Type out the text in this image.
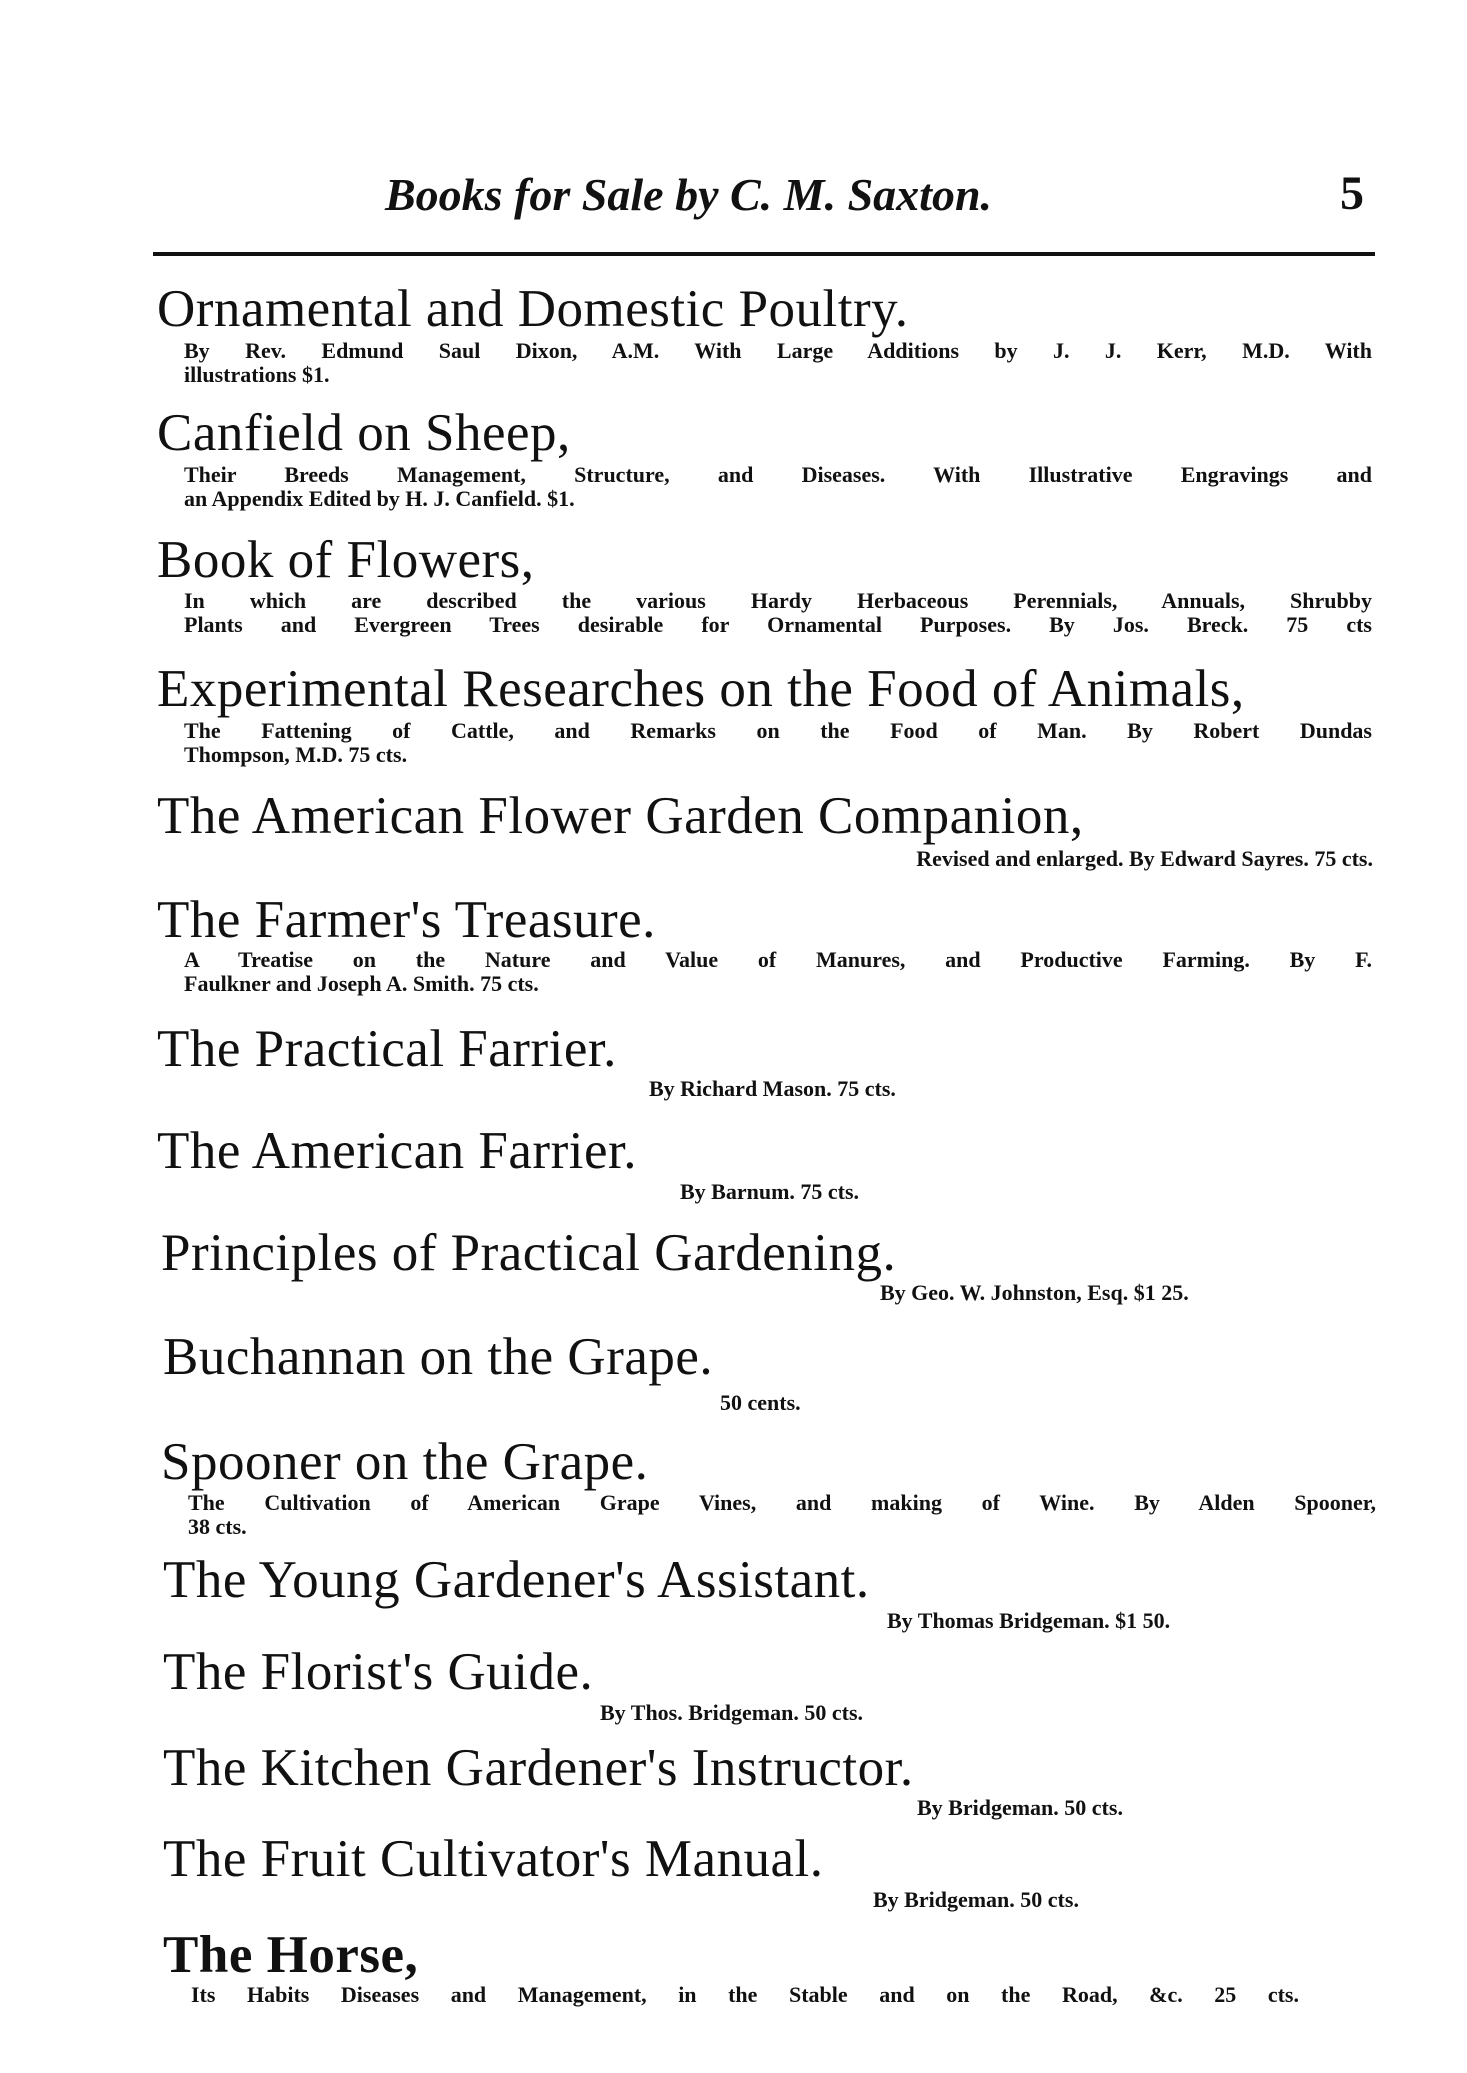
Books for Sale by C. M. Saxton.	5
Ornamental and Domestic Poultry.
By Rev. Edmund Saul Dixon, A.M. With Large Additions by J. J. Kerr, M.D. With
illustrations $1.
Canfield on Sheep,
Their Breeds Management, Structure, and Diseases. With Illustrative Engravings and
an Appendix Edited by H. J. Canfield. $1.
Book of Flowers,
In which are described the various Hardy Herbaceous Perennials, Annuals, Shrubby
Plants and Evergreen Trees desirable for Ornamental Purposes. By Jos. Breck. 75 cts
Experimental Researches on the Food of Animals,
The Fattening of Cattle, and Remarks on the Food of Man. By Robert Dundas
Thompson, M.D. 75 cts.
The American Flower Garden Companion,
Revised and enlarged. By Edward Sayres. 75 cts.
The Farmer's Treasure.
A Treatise on the Nature and Value of Manures, and Productive Farming. By F.
Faulkner and Joseph A. Smith. 75 cts.
The Practical Farrier.
By Richard Mason. 75 cts.
The American Farrier.
By Barnum. 75 cts.
Principles of Practical Gardening.
By Geo. W. Johnston, Esq. $1 25.
Buchannan on the Grape.
50 cents.
Spooner on the Grape.
The Cultivation of American Grape Vines, and making of Wine. By Alden Spooner,
38 cts.
The Young Gardener's Assistant.
By Thomas Bridgeman. $1 50.
The Florist's Guide.
By Thos. Bridgeman. 50 cts.
The Kitchen Gardener's Instructor.
By Bridgeman. 50 cts.
The Fruit Cultivator's Manual.
By Bridgeman. 50 cts.
The Horse,
Its Habits Diseases and Management, in the Stable and on the Road, &c. 25 cts.
